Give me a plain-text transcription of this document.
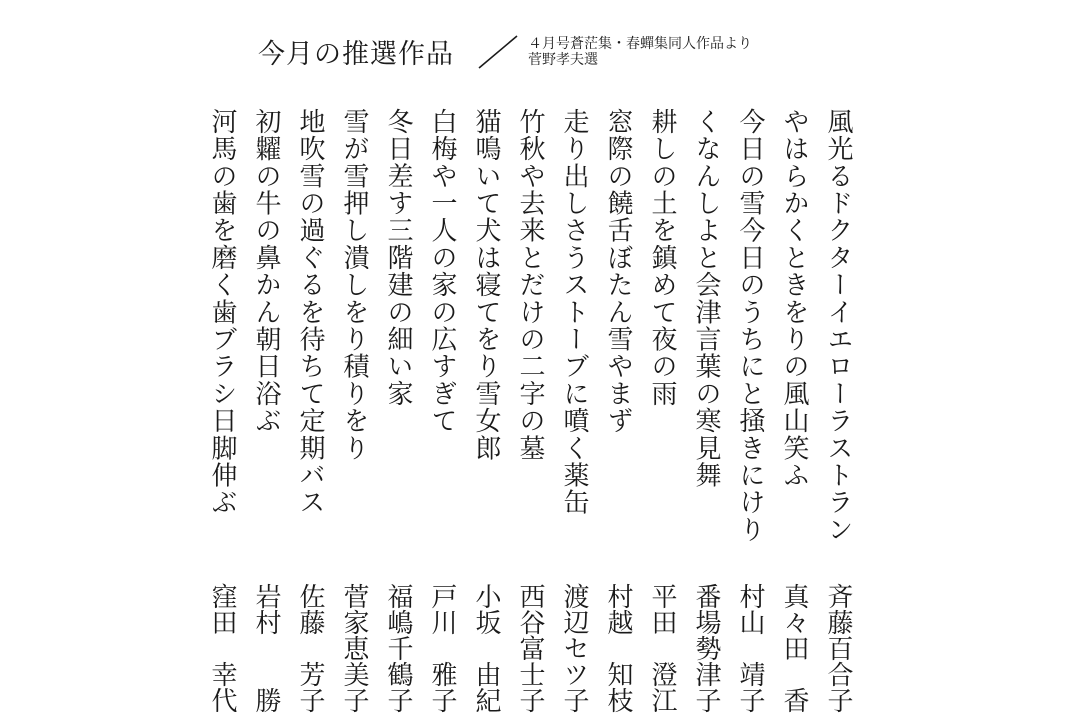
今月の推選作品	４月号蒼茫集・春蟬集同人作品より
菅野孝夫選
風光るドクターイエローラストラン
斉藤百合子
やはらかくときをりの風山笑ふ
真々田　香
今日の雪今日のうちにと掻きにけり
村山　靖子
くなんしよと会津言葉の寒見舞
番場勢津子
耕しの土を鎮めて夜の雨
平田　澄江
窓際の饒舌ぼたん雪やまず
村越　知枝
走り出しさうストーブに噴く薬缶
渡辺セツ子
竹秋や去来とだけの二字の墓
西谷富士子
猫鳴いて犬は寝てをり雪女郎
小坂　由紀
白梅や一人の家の広すぎて
戸川　雅子
冬日差す三階建の細い家
福嶋千鶴子
雪が雪押し潰しをり積りをり
菅家恵美子
地吹雪の過ぐるを待ちて定期バス
佐藤　芳子
初糶の牛の鼻かん朝日浴ぶ
岩村　　勝
河馬の歯を磨く歯ブラシ日脚伸ぶ
窪田　幸代
